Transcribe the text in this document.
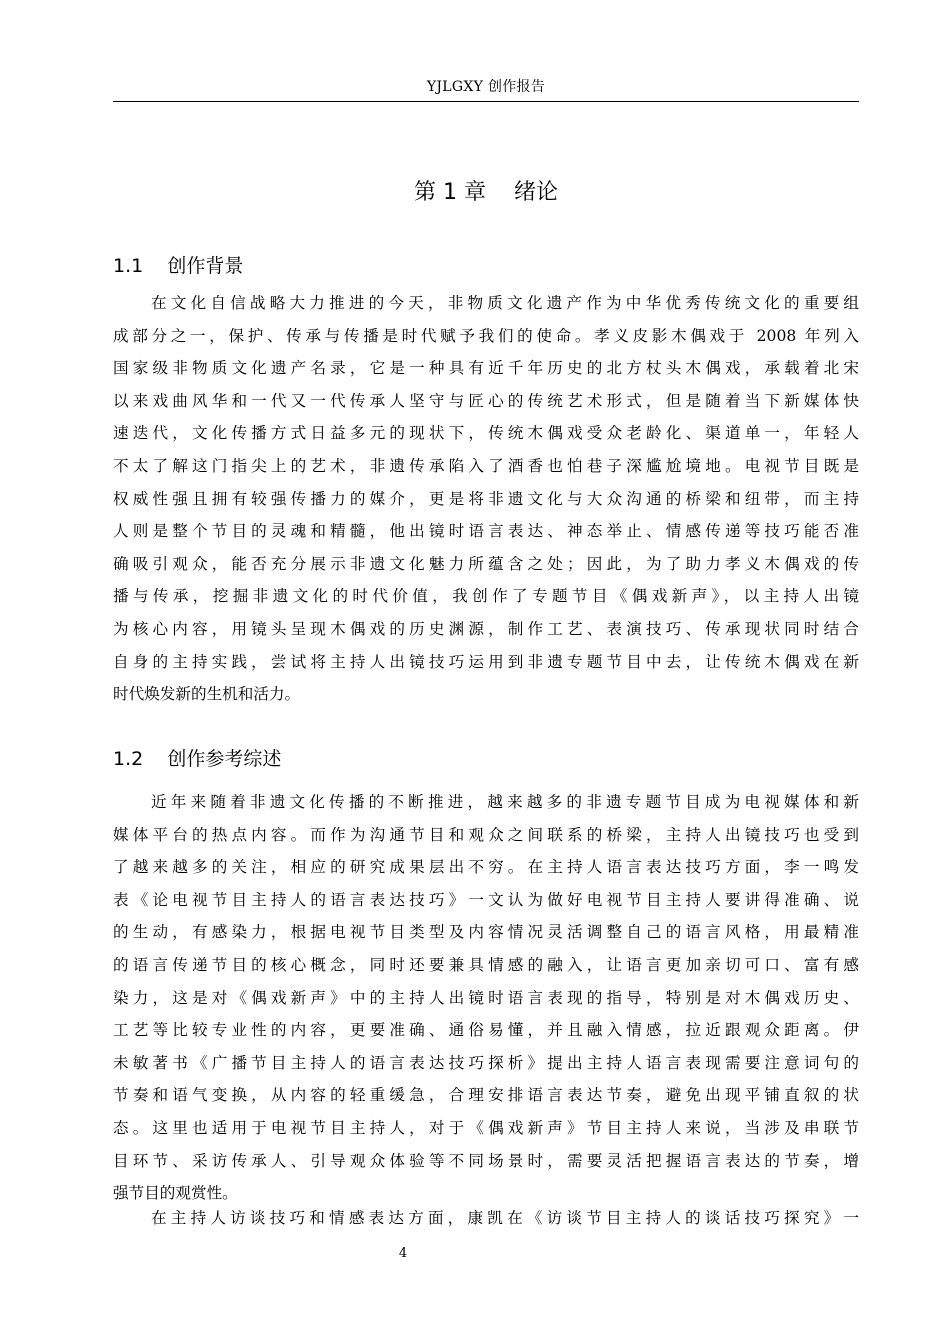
YJLGXY 创作报告
第 1 章    绪论
1.1    创作背景
在文化自信战略大力推进的今天，非物质文化遗产作为中华优秀传统文化的重要组
成部分之一，保护、传承与传播是时代赋予我们的使命。孝义皮影木偶戏于 2008 年列入
国家级非物质文化遗产名录，它是一种具有近千年历史的北方杖头木偶戏，承载着北宋
以来戏曲风华和一代又一代传承人坚守与匠心的传统艺术形式，但是随着当下新媒体快
速迭代，文化传播方式日益多元的现状下，传统木偶戏受众老龄化、渠道单一，年轻人
不太了解这门指尖上的艺术，非遗传承陷入了酒香也怕巷子深尴尬境地。电视节目既是
权威性强且拥有较强传播力的媒介，更是将非遗文化与大众沟通的桥梁和纽带，而主持
人则是整个节目的灵魂和精髓，他出镜时语言表达、神态举止、情感传递等技巧能否准
确吸引观众，能否充分展示非遗文化魅力所蕴含之处；因此，为了助力孝义木偶戏的传
播与传承，挖掘非遗文化的时代价值，我创作了专题节目《偶戏新声》，以主持人出镜
为核心内容，用镜头呈现木偶戏的历史渊源，制作工艺、表演技巧、传承现状同时结合
自身的主持实践，尝试将主持人出镜技巧运用到非遗专题节目中去，让传统木偶戏在新
时代焕发新的生机和活力。
1.2    创作参考综述
近年来随着非遗文化传播的不断推进，越来越多的非遗专题节目成为电视媒体和新
媒体平台的热点内容。而作为沟通节目和观众之间联系的桥梁，主持人出镜技巧也受到
了越来越多的关注，相应的研究成果层出不穷。在主持人语言表达技巧方面，李一鸣发
表《论电视节目主持人的语言表达技巧》一文认为做好电视节目主持人要讲得准确、说
的生动，有感染力，根据电视节目类型及内容情况灵活调整自己的语言风格，用最精准
的语言传递节目的核心概念，同时还要兼具情感的融入，让语言更加亲切可口、富有感
染力，这是对《偶戏新声》中的主持人出镜时语言表现的指导，特别是对木偶戏历史、
工艺等比较专业性的内容，更要准确、通俗易懂，并且融入情感，拉近跟观众距离。伊
未敏著书《广播节目主持人的语言表达技巧探析》提出主持人语言表现需要注意词句的
节奏和语气变换，从内容的轻重缓急，合理安排语言表达节奏，避免出现平铺直叙的状
态。这里也适用于电视节目主持人，对于《偶戏新声》节目主持人来说，当涉及串联节
目环节、采访传承人、引导观众体验等不同场景时，需要灵活把握语言表达的节奏，增
强节目的观赏性。
在主持人访谈技巧和情感表达方面，康凯在《访谈节目主持人的谈话技巧探究》一
4
